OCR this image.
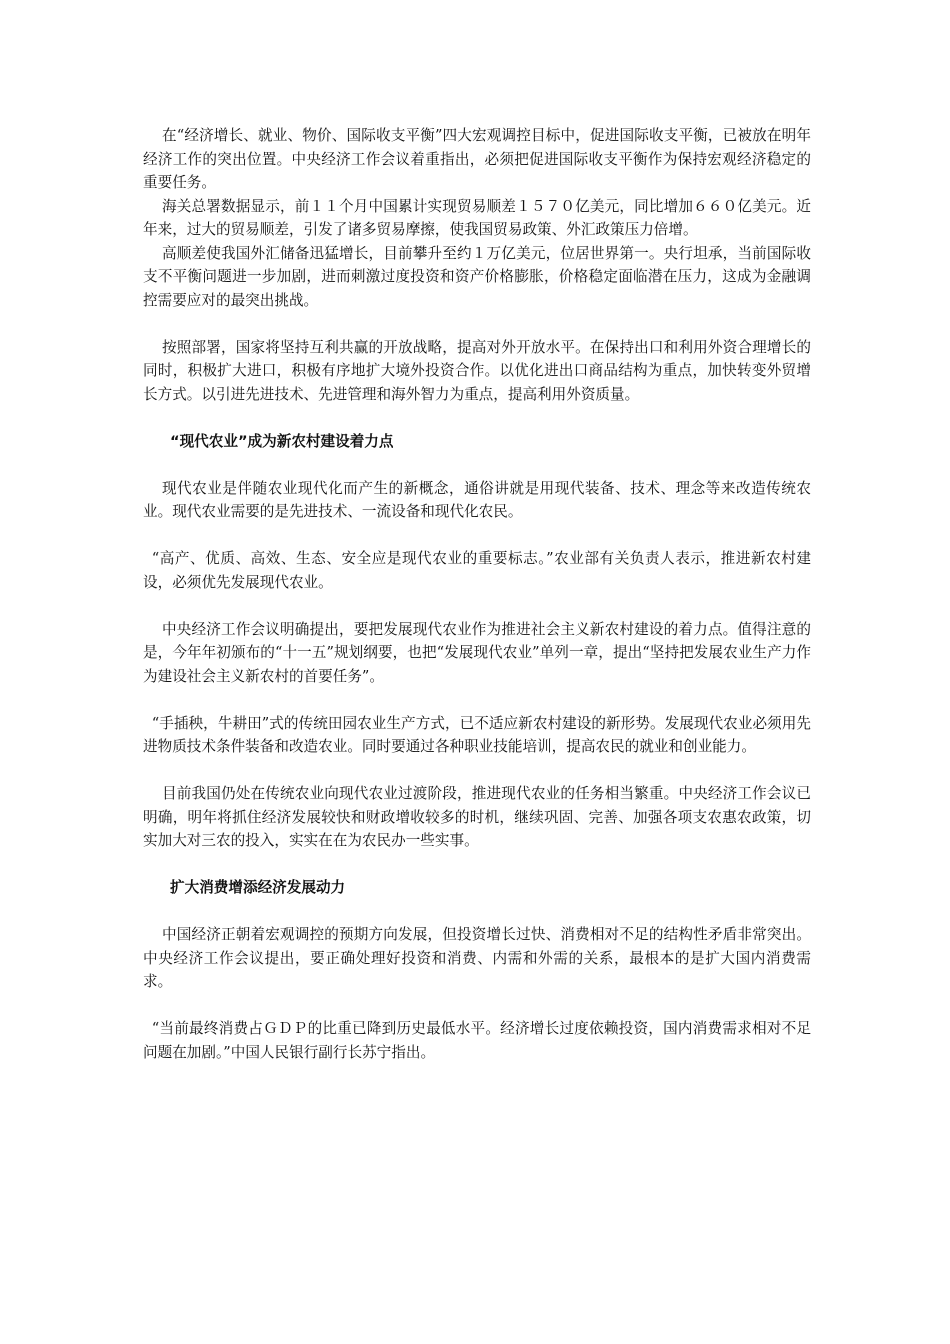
在“经济增长、就业、物价、国际收支平衡”四大宏观调控目标中，促进国际收支平衡，已被放在明年经济工作的突出位置。中央经济工作会议着重指出，必须把促进国际收支平衡作为保持宏观经济稳定的重要任务。

海关总署数据显示，前１１个月中国累计实现贸易顺差１５７０亿美元，同比增加６６０亿美元。近年来，过大的贸易顺差，引发了诸多贸易摩擦，使我国贸易政策、外汇政策压力倍增。

高顺差使我国外汇储备迅猛增长，目前攀升至约１万亿美元，位居世界第一。央行坦承，当前国际收支不平衡问题进一步加剧，进而刺激过度投资和资产价格膨胀，价格稳定面临潜在压力，这成为金融调控需要应对的最突出挑战。

按照部署，国家将坚持互利共赢的开放战略，提高对外开放水平。在保持出口和利用外资合理增长的同时，积极扩大进口，积极有序地扩大境外投资合作。以优化进出口商品结构为重点，加快转变外贸增长方式。以引进先进技术、先进管理和海外智力为重点，提高利用外资质量。

“现代农业”成为新农村建设着力点

现代农业是伴随农业现代化而产生的新概念，通俗讲就是用现代装备、技术、理念等来改造传统农业。现代农业需要的是先进技术、一流设备和现代化农民。

“高产、优质、高效、生态、安全应是现代农业的重要标志。”农业部有关负责人表示，推进新农村建设，必须优先发展现代农业。

中央经济工作会议明确提出，要把发展现代农业作为推进社会主义新农村建设的着力点。值得注意的是，今年年初颁布的“十一五”规划纲要，也把“发展现代农业”单列一章，提出“坚持把发展农业生产力作为建设社会主义新农村的首要任务”。

“手插秧，牛耕田”式的传统田园农业生产方式，已不适应新农村建设的新形势。发展现代农业必须用先进物质技术条件装备和改造农业。同时要通过各种职业技能培训，提高农民的就业和创业能力。

目前我国仍处在传统农业向现代农业过渡阶段，推进现代农业的任务相当繁重。中央经济工作会议已明确，明年将抓住经济发展较快和财政增收较多的时机，继续巩固、完善、加强各项支农惠农政策，切实加大对三农的投入，实实在在为农民办一些实事。

扩大消费增添经济发展动力

中国经济正朝着宏观调控的预期方向发展，但投资增长过快、消费相对不足的结构性矛盾非常突出。中央经济工作会议提出，要正确处理好投资和消费、内需和外需的关系，最根本的是扩大国内消费需求。

“当前最终消费占ＧＤＰ的比重已降到历史最低水平。经济增长过度依赖投资，国内消费需求相对不足问题在加剧。”中国人民银行副行长苏宁指出。
